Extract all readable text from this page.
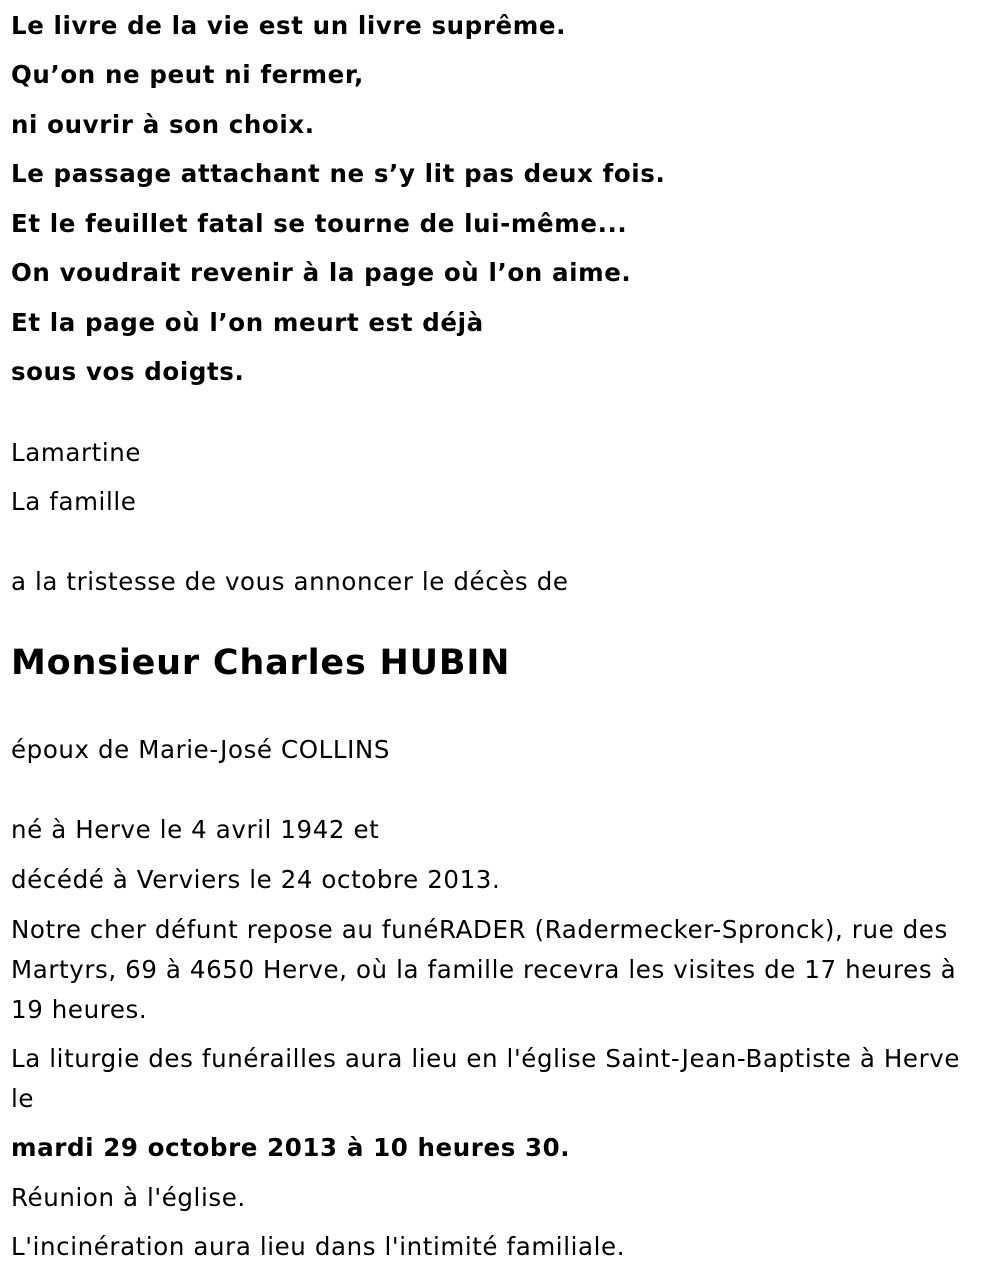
Le livre de la vie est un livre suprême.
Qu’on ne peut ni fermer,
ni ouvrir à son choix.
Le passage attachant ne s’y lit pas deux fois.
Et le feuillet fatal se tourne de lui-même...
On voudrait revenir à la page où l’on aime.
Et la page où l’on meurt est déjà
sous vos doigts.
Lamartine
La famille
a la tristesse de vous annoncer le décès de
Monsieur Charles HUBIN
époux de Marie-José COLLINS
né à Herve le 4 avril 1942 et
décédé à Verviers le 24 octobre 2013.
Notre cher défunt repose au funéRADER (Radermecker-Spronck), rue des Martyrs, 69 à 4650 Herve, où la famille recevra les visites de 17 heures à 19 heures.
La liturgie des funérailles aura lieu en l'église Saint-Jean-Baptiste à Herve le
mardi 29 octobre 2013 à 10 heures 30.
Réunion à l'église.
L'incinération aura lieu dans l'intimité familiale.
